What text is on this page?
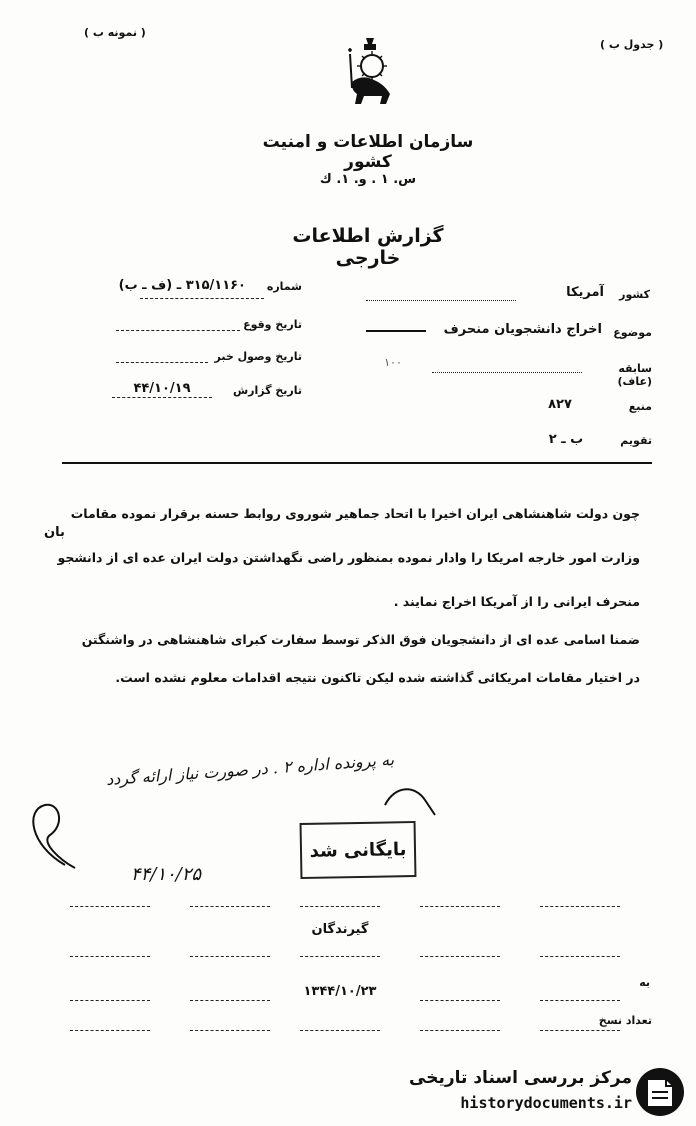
( نمونه ب )
( جدول ب )
سازمان اطلاعات و امنیت کشور
س. ۱ . و. ۱. ك
گزارش اطلاعات خارجی
کشور
آمریکا
موضوع
اخراج دانشجویان منحرف
سابقه (عاف)
۱۰۰
منبع
۸۲۷
تقویم
ب ـ ۲
شماره
۳۱۵/۱۱۶۰ ـ (ف ـ ب)
تاریخ وقوع
تاریخ وصول خبر
تاریخ گزارش
۴۴/۱۰/۱۹
چون دولت شاهنشاهی ایران اخیرا با اتحاد جماهیر شوروی روابط حسنه برقرار نموده مقامات
بان
وزارت امور خارجه امریکا را وادار نموده بمنظور راضی نگهداشتن دولت ایران عده ای از دانشجو
منحرف ایرانی را از آمریکا اخراج نمایند .
ضمنا اسامی عده ای از دانشجویان فوق الذکر توسط سفارت کبرای شاهنشاهی در واشنگتن
در اختیار مقامات امریکائی گذاشته شده لیکن تاکنون نتیجه اقدامات معلوم نشده است.
به پرونده اداره ۲ . در صورت نیاز ارائه گردد
۴۴/۱۰/۲۵
بایگانی شد
گیرندگان
به
۱۳۴۴/۱۰/۲۳
تعداد نسخ
مرکز بررسی اسناد تاریخی
historydocuments.ir
